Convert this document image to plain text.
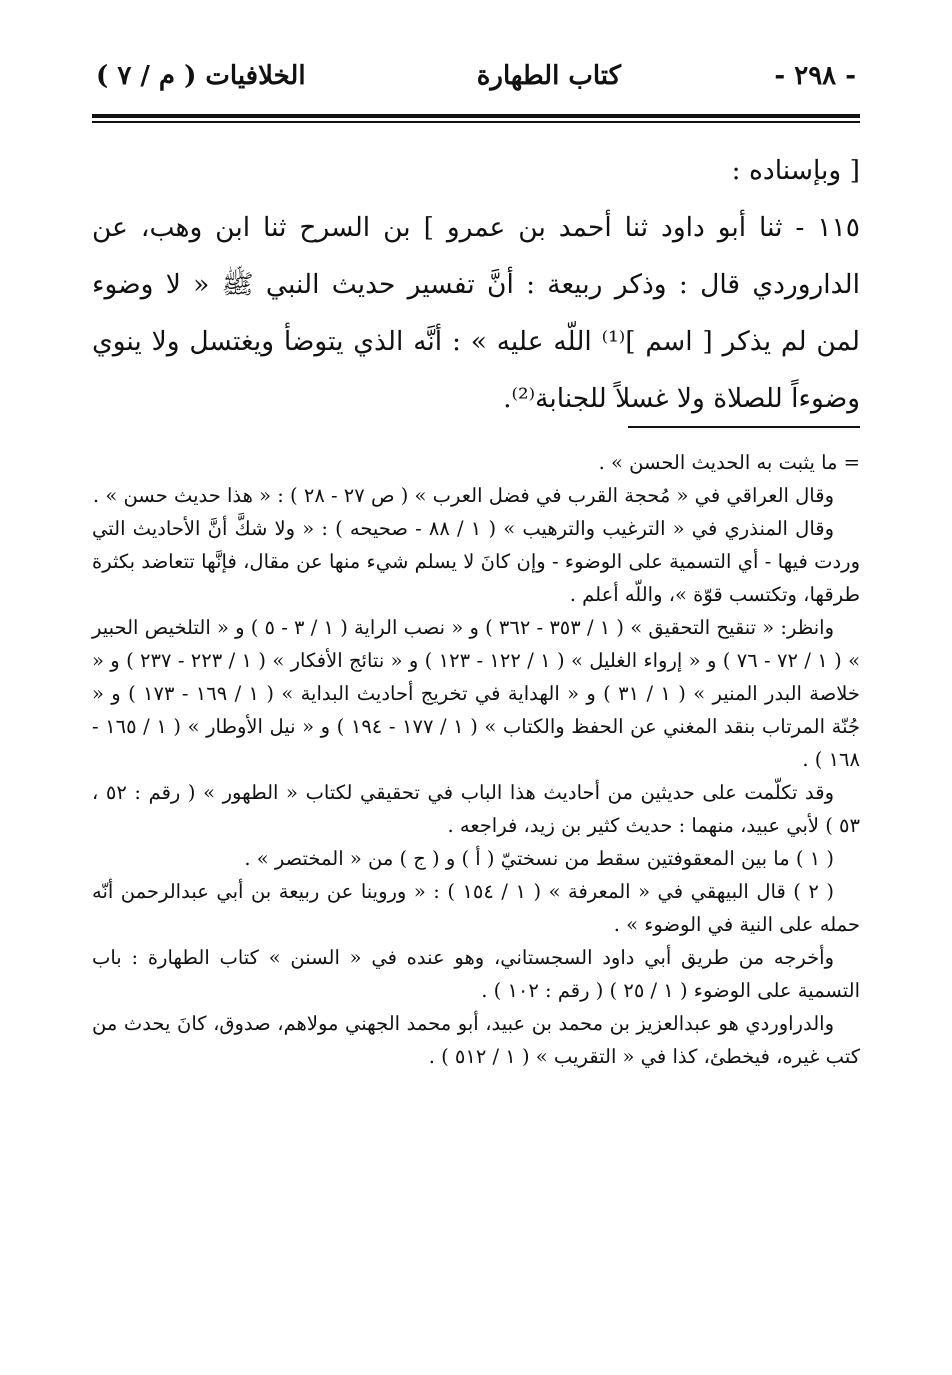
- ٢٩٨ -
كتاب الطهارة
الخلافيات ( م / ٧ )

[ وبإسناده :

١١٥ - ثنا أبو داود ثنا أحمد بن عمرو ] بن السرح ثنا ابن وهب، عن الداروردي قال : وذكر ربيعة : أنَّ تفسير حديث النبي ﷺ « لا وضوء لمن لم يذكر [ اسم ]⁽¹⁾ اللّه عليه » : أنَّه الذي يتوضأ ويغتسل ولا ينوي وضوءاً للصلاة ولا غسلاً للجنابة⁽²⁾.

= ما يثبت به الحديث الحسن » .

وقال العراقي في « مُحجة القرب في فضل العرب » ( ص ٢٧ - ٢٨ ) : « هذا حديث حسن » .

وقال المنذري في « الترغيب والترهيب » ( ١ / ٨٨ - صحيحه ) : « ولا شكَّ أنَّ الأحاديث التي وردت فيها - أي التسمية على الوضوء - وإن كانَ لا يسلم شيء منها عن مقال، فإنَّها تتعاضد بكثرة طرقها، وتكتسب قوّة »، واللّه أعلم .

وانظر: « تنقيح التحقيق » ( ١ / ٣٥٣ - ٣٦٢ ) و « نصب الراية ( ١ / ٣ - ٥ ) و « التلخيص الحبير » ( ١ / ٧٢ - ٧٦ ) و « إرواء الغليل » ( ١ / ١٢٢ - ١٢٣ ) و « نتائج الأفكار » ( ١ / ٢٢٣ - ٢٣٧ ) و « خلاصة البدر المنير » ( ١ / ٣١ ) و « الهداية في تخريج أحاديث البداية » ( ١ / ١٦٩ - ١٧٣ ) و « جُنّة المرتاب بنقد المغني عن الحفظ والكتاب » ( ١ / ١٧٧ - ١٩٤ ) و « نيل الأوطار » ( ١ / ١٦٥ - ١٦٨ ) .

وقد تكلّمت على حديثين من أحاديث هذا الباب في تحقيقي لكتاب « الطهور » ( رقم : ٥٢ ، ٥٣ ) لأبي عبيد، منهما : حديث كثير بن زيد، فراجعه .

( ١ ) ما بين المعقوفتين سقط من نسختيّ ( أ ) و ( ج ) من « المختصر » .

( ٢ ) قال البيهقي في « المعرفة » ( ١ / ١٥٤ ) : « وروينا عن ربيعة بن أبي عبدالرحمن أنّه حمله على النية في الوضوء » .

وأخرجه من طريق أبي داود السجستاني، وهو عنده في « السنن » كتاب الطهارة : باب التسمية على الوضوء ( ١ / ٢٥ ) ( رقم : ١٠٢ ) .

والدراوردي هو عبدالعزيز بن محمد بن عبيد، أبو محمد الجهني مولاهم، صدوق، كانَ يحدث من كتب غيره، فيخطئ، كذا في « التقريب » ( ١ / ٥١٢ ) .
